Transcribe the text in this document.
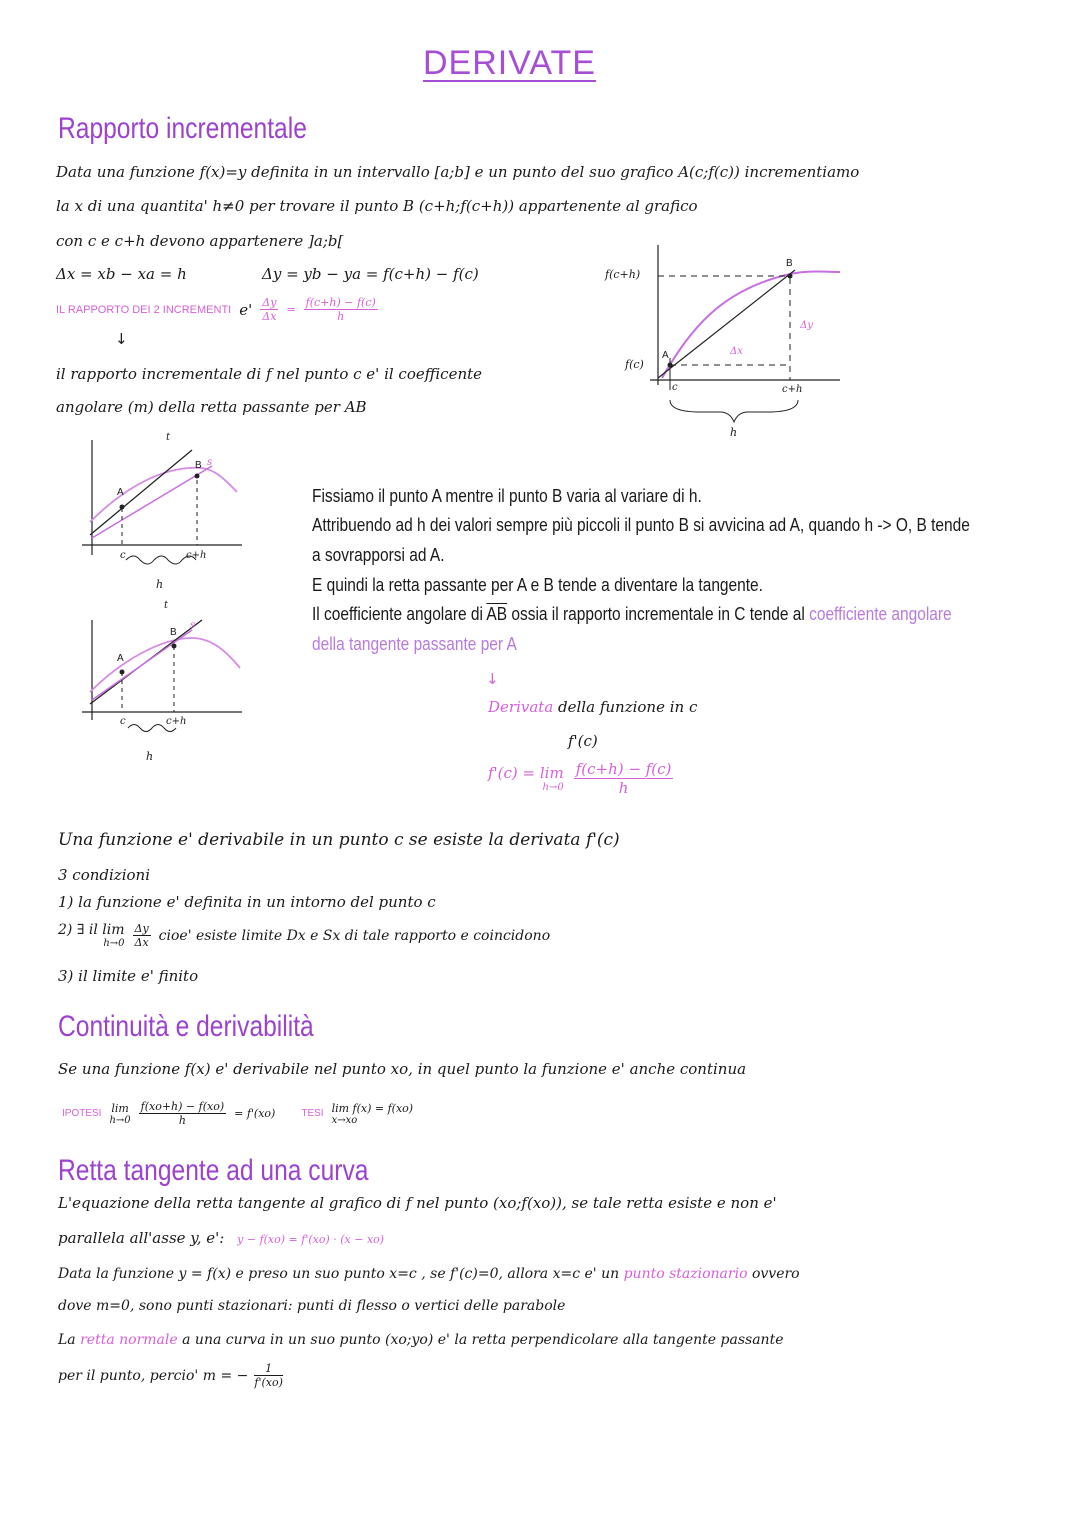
DERIVATE
Rapporto incrementale
Data una funzione f(x)=y definita in un intervallo [a;b] e un punto del suo grafico A(c;f(c)) incrementiamo
la x di una quantita' h≠0 per trovare il punto B (c+h;f(c+h)) appartenente al grafico
con c e c+h devono appartenere ]a;b[
Δx = xb − xa = h	Δy = yb − ya = f(c+h) − f(c)
IL RAPPORTO DEI 2 INCREMENTI $e' \frac{\Delta y}{\Delta x} = \frac{f(c+h) - f(c)}{h}$
↓
il rapporto incrementale di f nel punto c e' il coefficente
angolare (m) della retta passante per AB
f(c+h)
f(c)
A
B
c	c+h
Δx
Δy
h
t
A
B s
c	c+h
h
t
A
B
s
c	c+h
h
Fissiamo il punto A mentre il punto B varia al variare di h.
Attribuendo ad h dei valori sempre più piccoli il punto B si avvicina ad A, quando h -> O, B tende
a sovrapporsi ad A.
E quindi la retta passante per A e B tende a diventare la tangente.
Il coefficiente angolare di $\overline{AB}$ ossia il rapporto incrementale in C tende al coefficiente angolare
della tangente passante per A
↓
Derivata della funzione in c
f'(c)
f'(c) = lim
$h\to 0 \frac{f(c+h) - f(c)}{h}$
Una funzione e' derivabile in un punto c se esiste la derivata f'(c)
3 condizioni
1) la funzione e' definita in un intorno del punto c
2) ∃ il lim
$h\to 0 \frac{\Delta y}{\Delta x}$ cioe' esiste limite Dx e Sx di tale rapporto e coincidono
3) il limite e' finito
Continuità e derivabilità
Se una funzione f(x) e' derivabile nel punto xo, in quel punto la funzione e' anche continua
IPOTESI lim
$h\to 0 \frac{f(xo+h) - f(xo)}{h} = f'(xo)$	TESI lim f(x) = f(xo)
x→xo
Retta tangente ad una curva
L'equazione della retta tangente al grafico di f nel punto (xo;f(xo)), se tale retta esiste e non e'
parallela all'asse y, e': y − f(xo) = f'(xo) · (x − xo)
Data la funzione y = f(x) e preso un suo punto x=c , se f'(c)=0, allora x=c e' un punto stazionario ovvero
dove m=0, sono punti stazionari: punti di flesso o vertici delle parabole
La retta normale a una curva in un suo punto (xo;yo) e' la retta perpendicolare alla tangente passante
per il punto, percio' m = − $\frac{1}{f'(xo)}$
